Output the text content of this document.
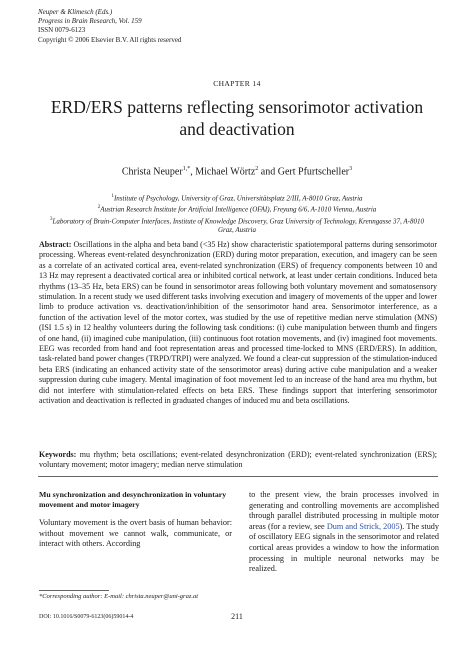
Neuper & Klimesch (Eds.)
Progress in Brain Research, Vol. 159
ISSN 0079-6123
Copyright © 2006 Elsevier B.V. All rights reserved
CHAPTER 14
ERD/ERS patterns reflecting sensorimotor activation and deactivation
Christa Neuper$^{1,*}$, Michael Wörtz$^2$ and Gert Pfurtscheller$^3$
$^1$Institute of Psychology, University of Graz, Universitätsplatz 2/III, A-8010 Graz, Austria
$^2$Austrian Research Institute for Artificial Intelligence (OFAI), Freyung 6/6, A-1010 Vienna, Austria
$^3$Laboratory of Brain-Computer Interfaces, Institute of Knowledge Discovery, Graz University of Technology, Krenngasse 37, A-8010 Graz, Austria
Abstract: Oscillations in the alpha and beta band (<35 Hz) show characteristic spatiotemporal patterns during sensorimotor processing. Whereas event-related desynchronization (ERD) during motor preparation, execution, and imagery can be seen as a correlate of an activated cortical area, event-related synchronization (ERS) of frequency components between 10 and 13 Hz may represent a deactivated cortical area or inhibited cortical network, at least under certain conditions. Induced beta rhythms (13–35 Hz, beta ERS) can be found in sensorimotor areas following both voluntary movement and somatosensory stimulation. In a recent study we used different tasks involving execution and imagery of movements of the upper and lower limb to produce activation vs. deactivation/inhibition of the sensorimotor hand area. Sensorimotor interference, as a function of the activation level of the motor cortex, was studied by the use of repetitive median nerve stimulation (MNS) (ISI 1.5 s) in 12 healthy volunteers during the following task conditions: (i) cube manipulation between thumb and fingers of one hand, (ii) imagined cube manipulation, (iii) continuous foot rotation movements, and (iv) imagined foot movements. EEG was recorded from hand and foot representation areas and processed time-locked to MNS (ERD/ERS). In addition, task-related band power changes (TRPD/TRPI) were analyzed. We found a clear-cut suppression of the stimulation-induced beta ERS (indicating an enhanced activity state of the sensorimotor areas) during active cube manipulation and a weaker suppression during cube imagery. Mental imagination of foot movement led to an increase of the hand area mu rhythm, but did not interfere with stimulation-related effects on beta ERS. These findings support that interfering sensorimotor activation and deactivation is reflected in graduated changes of induced mu and beta oscillations.
Keywords: mu rhythm; beta oscillations; event-related desynchronization (ERD); event-related synchronization (ERS); voluntary movement; motor imagery; median nerve stimulation
Mu synchronization and desynchronization in voluntary movement and motor imagery

Voluntary movement is the overt basis of human behavior: without movement we cannot walk, communicate, or interact with others. According

to the present view, the brain processes involved in generating and controlling movements are accomplished through parallel distributed processing in multiple motor areas (for a review, see Dum and Strick, 2005). The study of oscillatory EEG signals in the sensorimotor and related cortical areas provides a window to how the information processing in multiple neuronal networks may be realized.

*Corresponding author: E-mail: christa.neuper@uni-graz.at
DOI: 10.1016/S0079-6123(06)59014-4	211
